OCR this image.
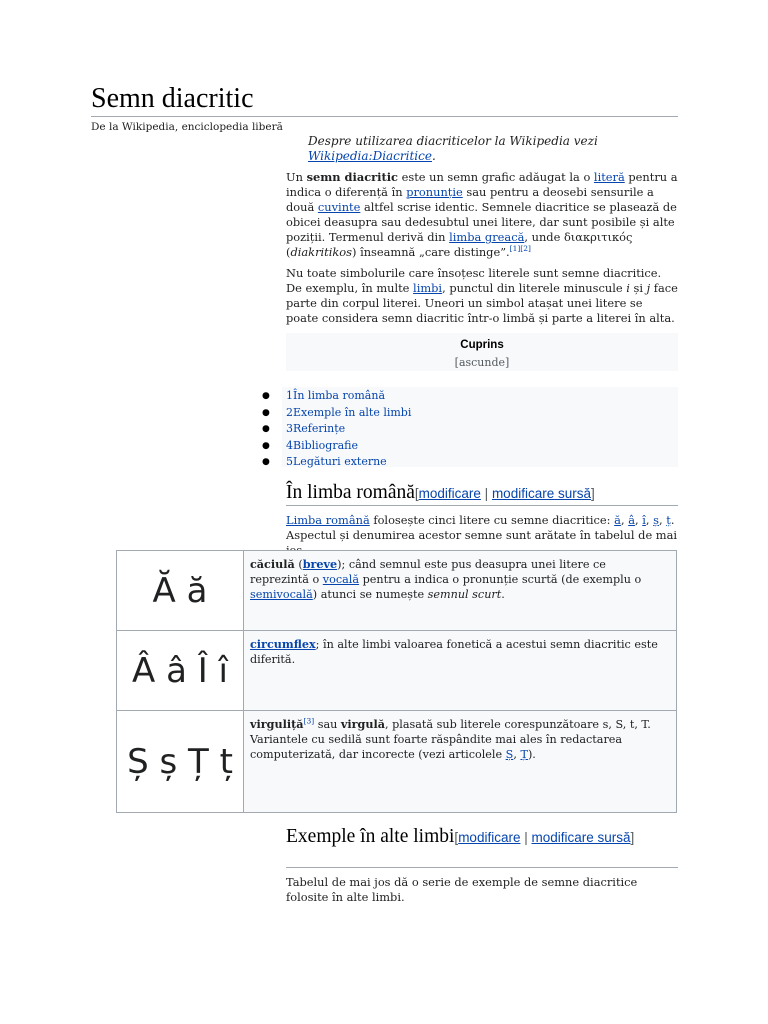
Semn diacritic
De la Wikipedia, enciclopedia liberă
Despre utilizarea diacriticelor la Wikipedia vezi Wikipedia:Diacritice.
Un semn diacritic este un semn grafic adăugat la o literă pentru a indica o diferență în pronunție sau pentru a deosebi sensurile a două cuvinte altfel scrise identic. Semnele diacritice se plasează de obicei deasupra sau dedesubtul unei litere, dar sunt posibile și alte poziții. Termenul derivă din limba greacă, unde διακριτικός (diakritikos) înseamnă „care distinge”.[1][2]
Nu toate simbolurile care însoțesc literele sunt semne diacritice. De exemplu, în multe limbi, punctul din literele minuscule i și j face parte din corpul literei. Uneori un simbol atașat unei litere se poate considera semn diacritic într-o limbă și parte a literei în alta.
Cuprins
[ascunde]
● 1În limba română
● 2Exemple în alte limbi
● 3Referințe
● 4Bibliografie
● 5Legături externe
În limba română[modificare | modificare sursă]
Limba română folosește cinci litere cu semne diacritice: ă, â, î, ș, ț. Aspectul și denumirea acestor semne sunt arătate în tabelul de mai
Ă ă	căciulă (breve); când semnul este pus deasupra unei litere ce reprezintă o vocală pentru a indica o pronunție scurtă (de exemplu o semivocală) atunci se numește semnul scurt.
Â â Î î	circumflex; în alte limbi valoarea fonetică a acestui semn diacritic este diferită.
Ș ș Ț ț	virguliță[3] sau virgulă, plasată sub literele corespunzătoare s, S, t, T. Variantele cu sedilă sunt foarte răspândite mai ales în redactarea computerizată, dar incorecte (vezi articolele Ș, Ț).
Exemple în alte limbi[modificare | modificare sursă]
Tabelul de mai jos dă o serie de exemple de semne diacritice folosite în alte limbi.
